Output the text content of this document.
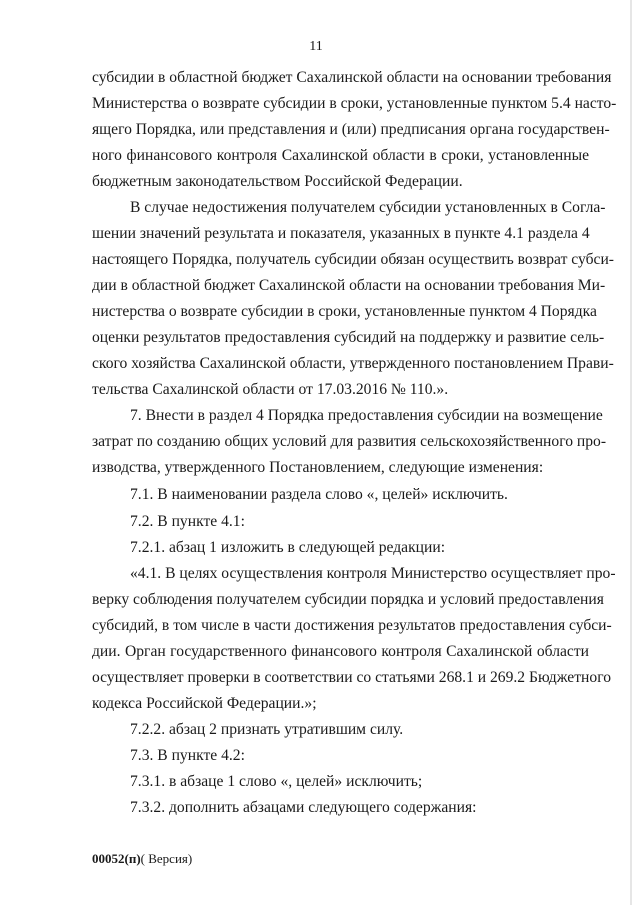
11
субсидии в областной бюджет Сахалинской области на основании требования
Министерства о возврате субсидии в сроки, установленные пунктом 5.4 насто-
ящего Порядка, или представления и (или) предписания органа государствен-
ного финансового контроля Сахалинской области в сроки, установленные
бюджетным законодательством Российской Федерации.
В случае недостижения получателем субсидии установленных в Согла-
шении значений результата и показателя, указанных в пункте 4.1 раздела 4
настоящего Порядка, получатель субсидии обязан осуществить возврат субси-
дии в областной бюджет Сахалинской области на основании требования Ми-
нистерства о возврате субсидии в сроки, установленные пунктом 4 Порядка
оценки результатов предоставления субсидий на поддержку и развитие сель-
ского хозяйства Сахалинской области, утвержденного постановлением Прави-
тельства Сахалинской области от 17.03.2016 № 110.».
7. Внести в раздел 4 Порядка предоставления субсидии на возмещение
затрат по созданию общих условий для развития сельскохозяйственного про-
изводства, утвержденного Постановлением, следующие изменения:
7.1. В наименовании раздела слово «, целей» исключить.
7.2. В пункте 4.1:
7.2.1. абзац 1 изложить в следующей редакции:
«4.1. В целях осуществления контроля Министерство осуществляет про-
верку соблюдения получателем субсидии порядка и условий предоставления
субсидий, в том числе в части достижения результатов предоставления субси-
дии. Орган государственного финансового контроля Сахалинской области
осуществляет проверки в соответствии со статьями 268.1 и 269.2 Бюджетного
кодекса Российской Федерации.»;
7.2.2. абзац 2 признать утратившим силу.
7.3. В пункте 4.2:
7.3.1. в абзаце 1 слово «, целей» исключить;
7.3.2. дополнить абзацами следующего содержания:
00052(п)( Версия)
